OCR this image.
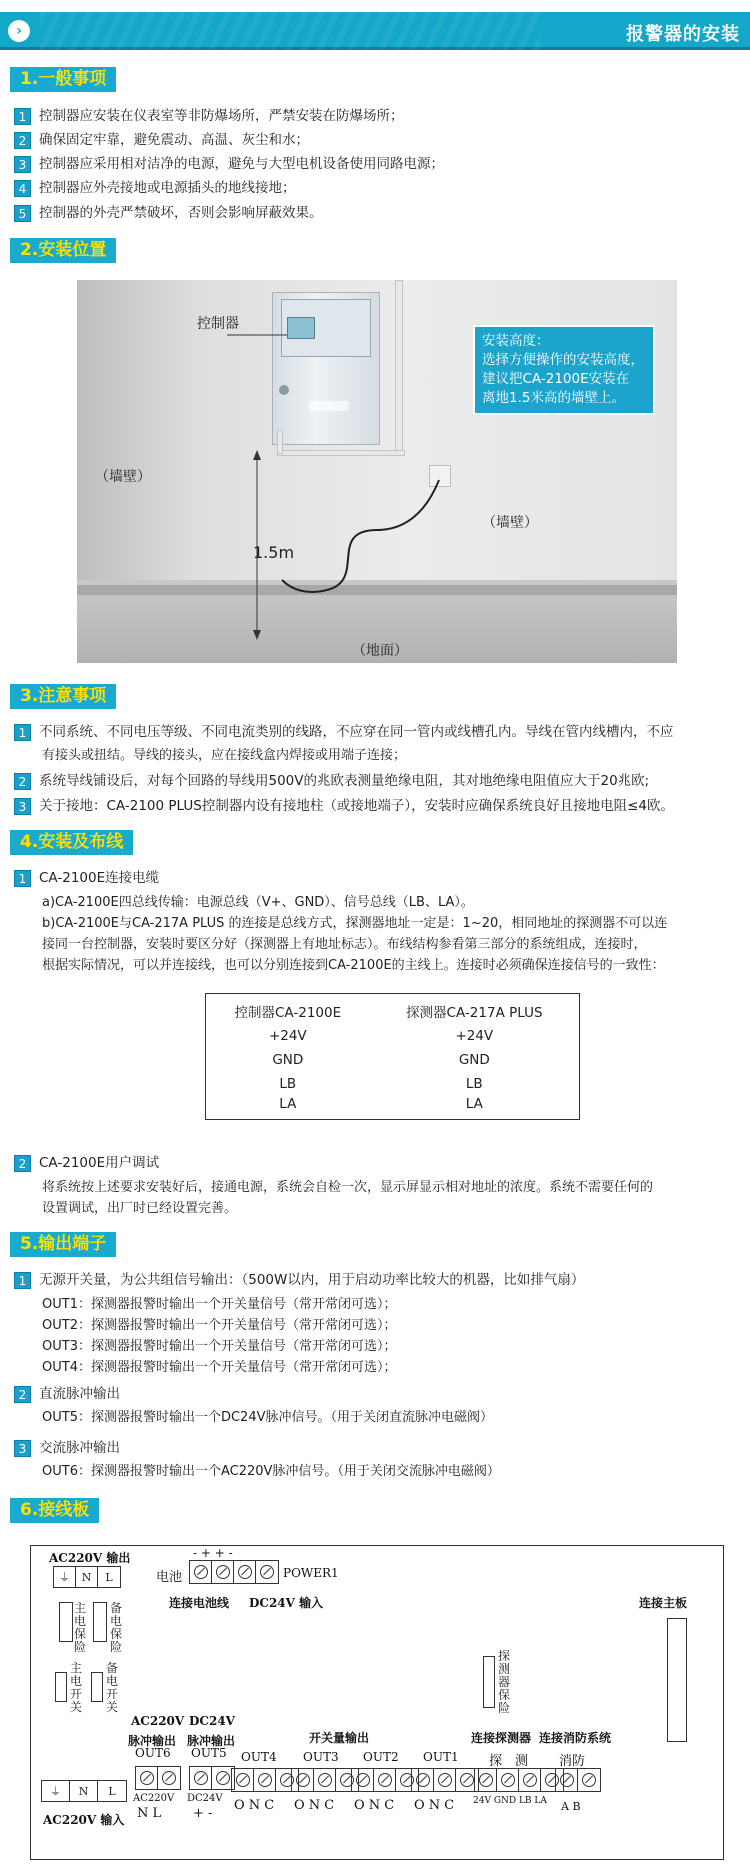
›	报警器的安装
1.一般事项
1 控制器应安装在仪表室等非防爆场所，严禁安装在防爆场所；
2 确保固定牢靠，避免震动、高温、灰尘和水；
3 控制器应采用相对洁净的电源，避免与大型电机设备使用同路电源；
4 控制器应外壳接地或电源插头的地线接地；
5 控制器的外壳严禁破坏，否则会影响屏蔽效果。
2.安装位置
安装高度：
选择方便操作的安装高度，
建议把CA-2100E安装在
离地1.5米高的墙壁上。
控制器
（墙壁）
（墙壁）
1.5m
（地面）
3.注意事项
1 不同系统、不同电压等级、不同电流类别的线路，不应穿在同一管内或线槽孔内。导线在管内线槽内，不应
有接头或扭结。导线的接头，应在接线盒内焊接或用端子连接；
2 系统导线铺设后，对每个回路的导线用500V的兆欧表测量绝缘电阻，其对地绝缘电阻值应大于20兆欧;
3 关于接地：CA-2100 PLUS控制器内设有接地柱（或接地端子），安装时应确保系统良好且接地电阻≤4欧。
4.安装及布线
1 CA-2100E连接电缆
a)CA-2100E四总线传输：电源总线（V+、GND）、信号总线（LB、LA）。
b)CA-2100E与CA-217A PLUS 的连接是总线方式，探测器地址一定是：1~20，相同地址的探测器不可以连
接同一台控制器，安装时要区分好（探测器上有地址标志）。布线结构参看第三部分的系统组成，连接时，
根据实际情况，可以并连接线，也可以分别连接到CA-2100E的主线上。连接时必须确保连接信号的一致性：
控制器CA-2100E	探测器CA-217A PLUS
+24V	+24V
GND	GND
LB	LB
LA	LA
2 CA-2100E用户调试
将系统按上述要求安装好后，接通电源，系统会自检一次，显示屏显示相对地址的浓度。系统不需要任何的
设置调试，出厂时已经设置完善。
5.输出端子
1 无源开关量，为公共组信号输出：（500W以内，用于启动功率比较大的机器，比如排气扇）
OUT1：探测器报警时输出一个开关量信号（常开常闭可选）；
OUT2：探测器报警时输出一个开关量信号（常开常闭可选）；
OUT3：探测器报警时输出一个开关量信号（常开常闭可选）；
OUT4：探测器报警时输出一个开关量信号（常开常闭可选）；
2 直流脉冲输出
OUT5：探测器报警时输出一个DC24V脉冲信号。（用于关闭直流脉冲电磁阀）
3 交流脉冲输出
OUT6：探测器报警时输出一个AC220V脉冲信号。（用于关闭交流脉冲电磁阀）
6.接线板
AC220V 输出
⏚	N	L
- + + -
电池	POWER1
连接电池线 DC24V 输入	连接主板
主电保险
备电保险
主电开关
备电开关
探测器保险
AC220V
脉冲输出
DC24V
脉冲输出	开关量输出	连接探测器 连接消防系统
OUT6 OUT5 OUT4 OUT3 OUT2 OUT1 探　测 消防
⏚	N	L
AC220V 输入
AC220V DC24V
N L + -
O N C O N C O N C O N C 24V GND LB LA A B
